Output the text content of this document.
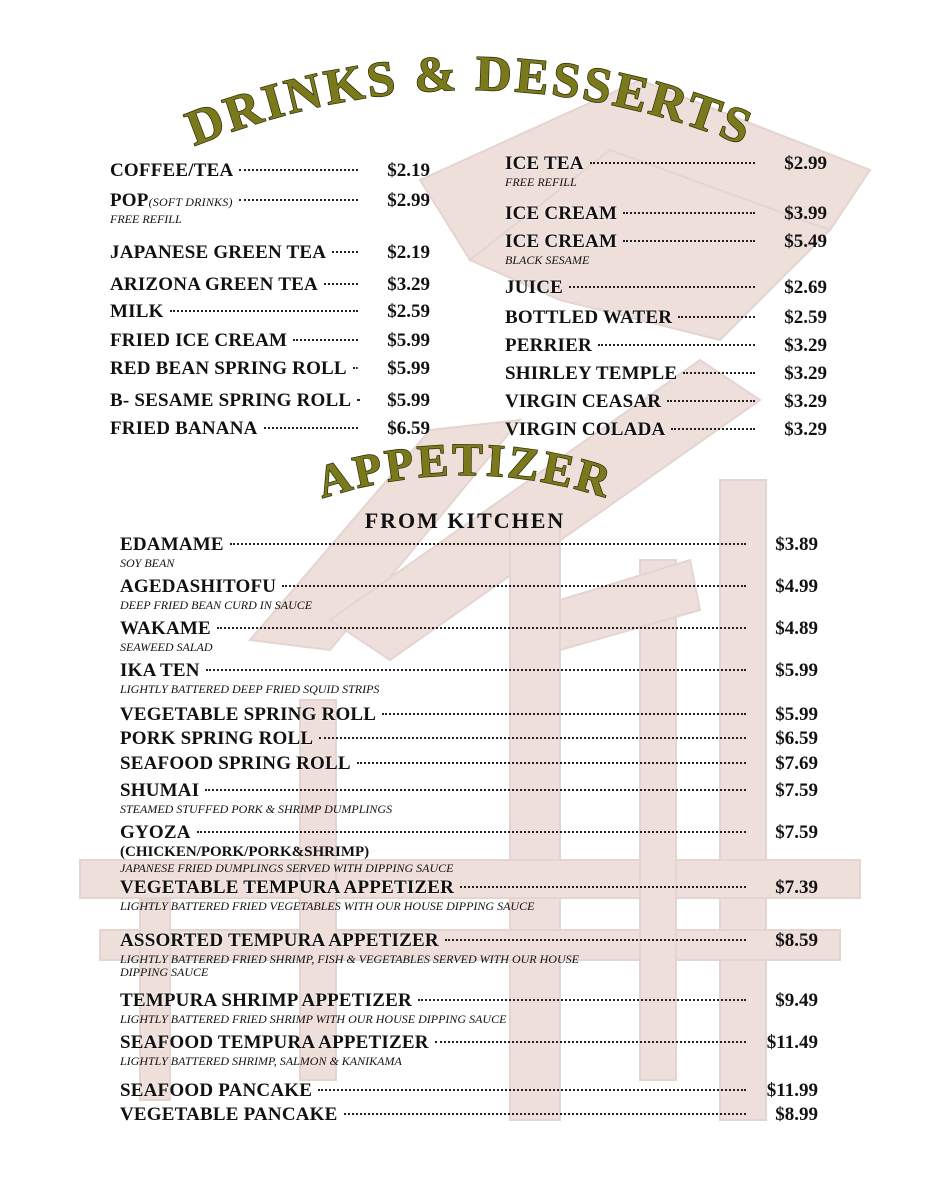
DRINKS & DESSERTS
APPETIZER
FROM KITCHEN
COFFEE/TEA	$2.19
POP(SOFT DRINKS)	$2.99
FREE REFILL
JAPANESE GREEN TEA	$2.19
ARIZONA GREEN TEA	$3.29
MILK	$2.59
FRIED ICE CREAM	$5.99
RED BEAN SPRING ROLL	$5.99
B- SESAME SPRING ROLL	$5.99
FRIED BANANA	$6.59
ICE TEA	$2.99
FREE REFILL
ICE CREAM	$3.99
ICE CREAM	$5.49
BLACK SESAME
JUICE	$2.69
BOTTLED WATER	$2.59
PERRIER	$3.29
SHIRLEY TEMPLE	$3.29
VIRGIN CEASAR	$3.29
VIRGIN COLADA	$3.29
EDAMAME	$3.89
SOY BEAN
AGEDASHITOFU	$4.99
DEEP FRIED BEAN CURD IN SAUCE
WAKAME	$4.89
SEAWEED SALAD
IKA TEN	$5.99
LIGHTLY BATTERED DEEP FRIED SQUID STRIPS
VEGETABLE SPRING ROLL	$5.99
PORK SPRING ROLL	$6.59
SEAFOOD SPRING ROLL	$7.69
SHUMAI	$7.59
STEAMED STUFFED PORK & SHRIMP DUMPLINGS
GYOZA	$7.59
(CHICKEN/PORK/PORK&SHRIMP)
JAPANESE FRIED DUMPLINGS SERVED WITH DIPPING SAUCE
VEGETABLE TEMPURA APPETIZER	$7.39
LIGHTLY BATTERED FRIED VEGETABLES WITH OUR HOUSE DIPPING SAUCE
ASSORTED TEMPURA APPETIZER	$8.59
LIGHTLY BATTERED FRIED SHRIMP, FISH & VEGETABLES SERVED WITH OUR HOUSE
DIPPING SAUCE
TEMPURA SHRIMP APPETIZER	$9.49
LIGHTLY BATTERED FRIED SHRIMP WITH OUR HOUSE DIPPING SAUCE
SEAFOOD TEMPURA APPETIZER	$11.49
LIGHTLY BATTERED SHRIMP, SALMON & KANIKAMA
SEAFOOD PANCAKE	$11.99
VEGETABLE PANCAKE	$8.99
